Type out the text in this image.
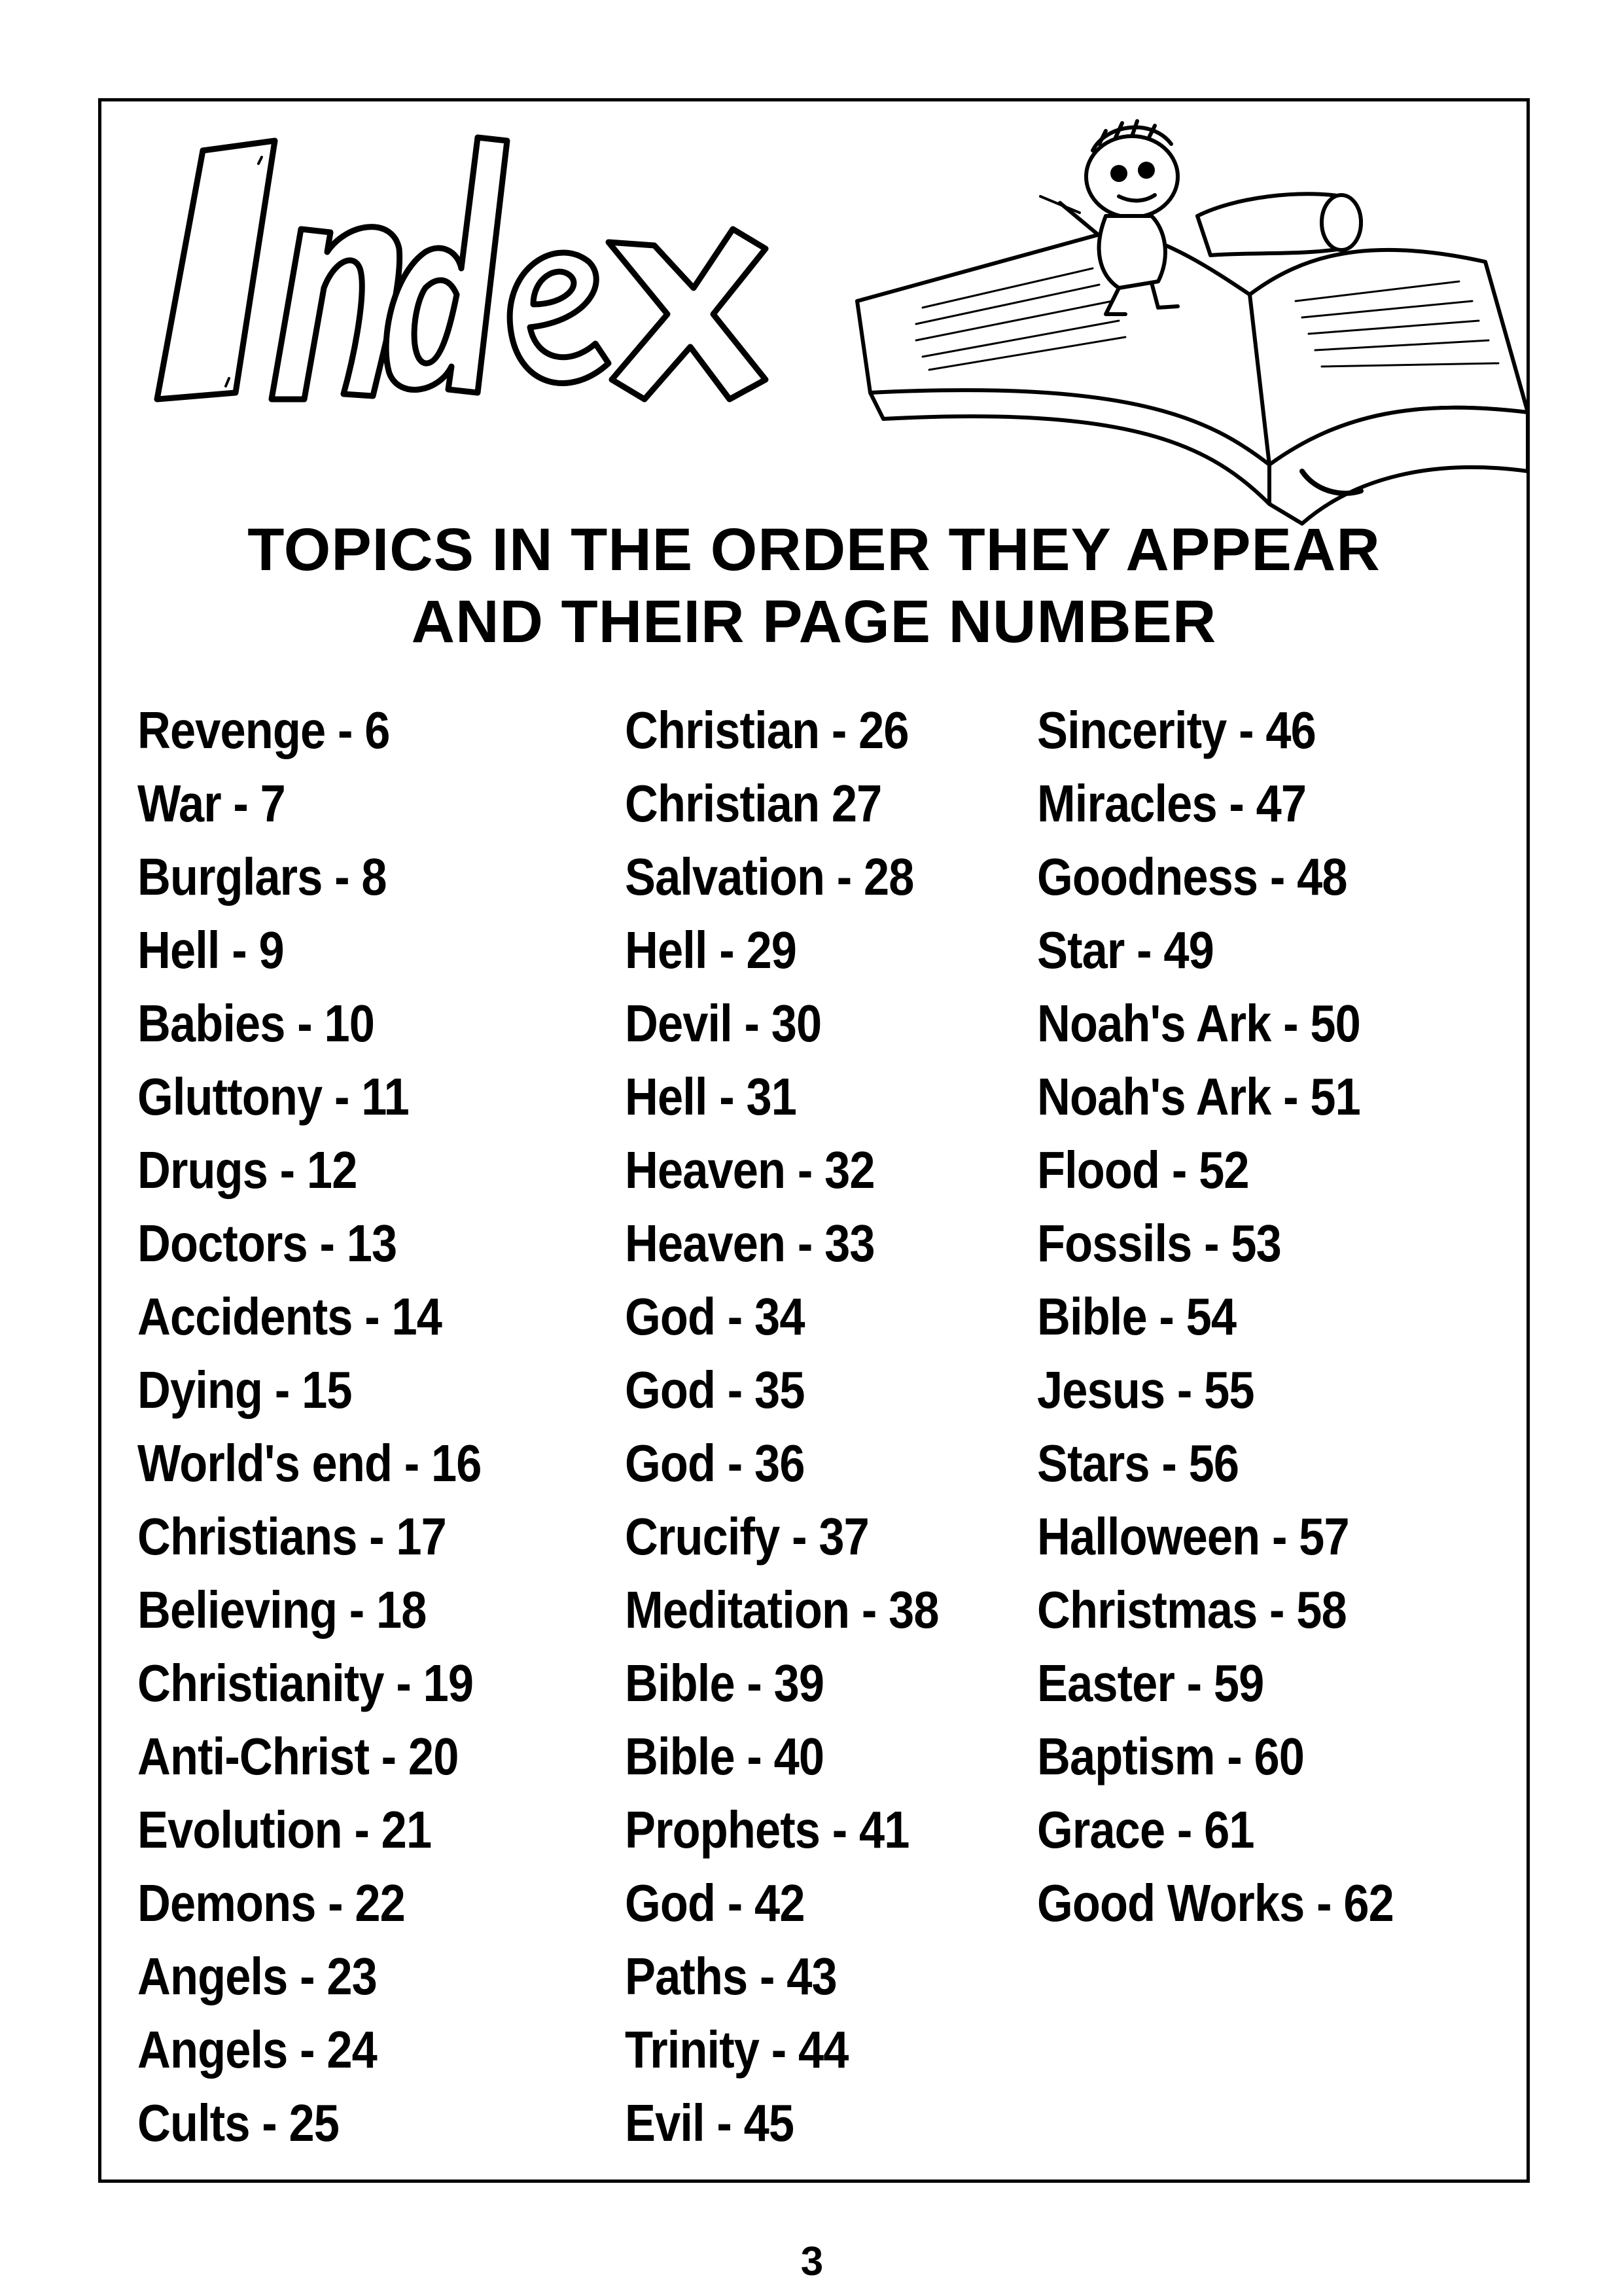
TOPICS IN THE ORDER THEY APPEAR
AND THEIR PAGE NUMBER
Revenge - 6
War - 7
Burglars - 8
Hell - 9
Babies - 10
Gluttony - 11
Drugs - 12
Doctors - 13
Accidents - 14
Dying - 15
World's end - 16
Christians - 17
Believing - 18
Christianity - 19
Anti-Christ - 20
Evolution - 21
Demons - 22
Angels - 23
Angels - 24
Cults - 25
Christian - 26
Christian 27
Salvation - 28
Hell - 29
Devil - 30
Hell - 31
Heaven - 32
Heaven - 33
God - 34
God - 35
God - 36
Crucify - 37
Meditation - 38
Bible - 39
Bible - 40
Prophets - 41
God - 42
Paths - 43
Trinity - 44
Evil - 45
Sincerity - 46
Miracles - 47
Goodness - 48
Star - 49
Noah's Ark - 50
Noah's Ark - 51
Flood - 52
Fossils - 53
Bible - 54
Jesus - 55
Stars - 56
Halloween - 57
Christmas - 58
Easter - 59
Baptism - 60
Grace - 61
Good Works - 62
3
